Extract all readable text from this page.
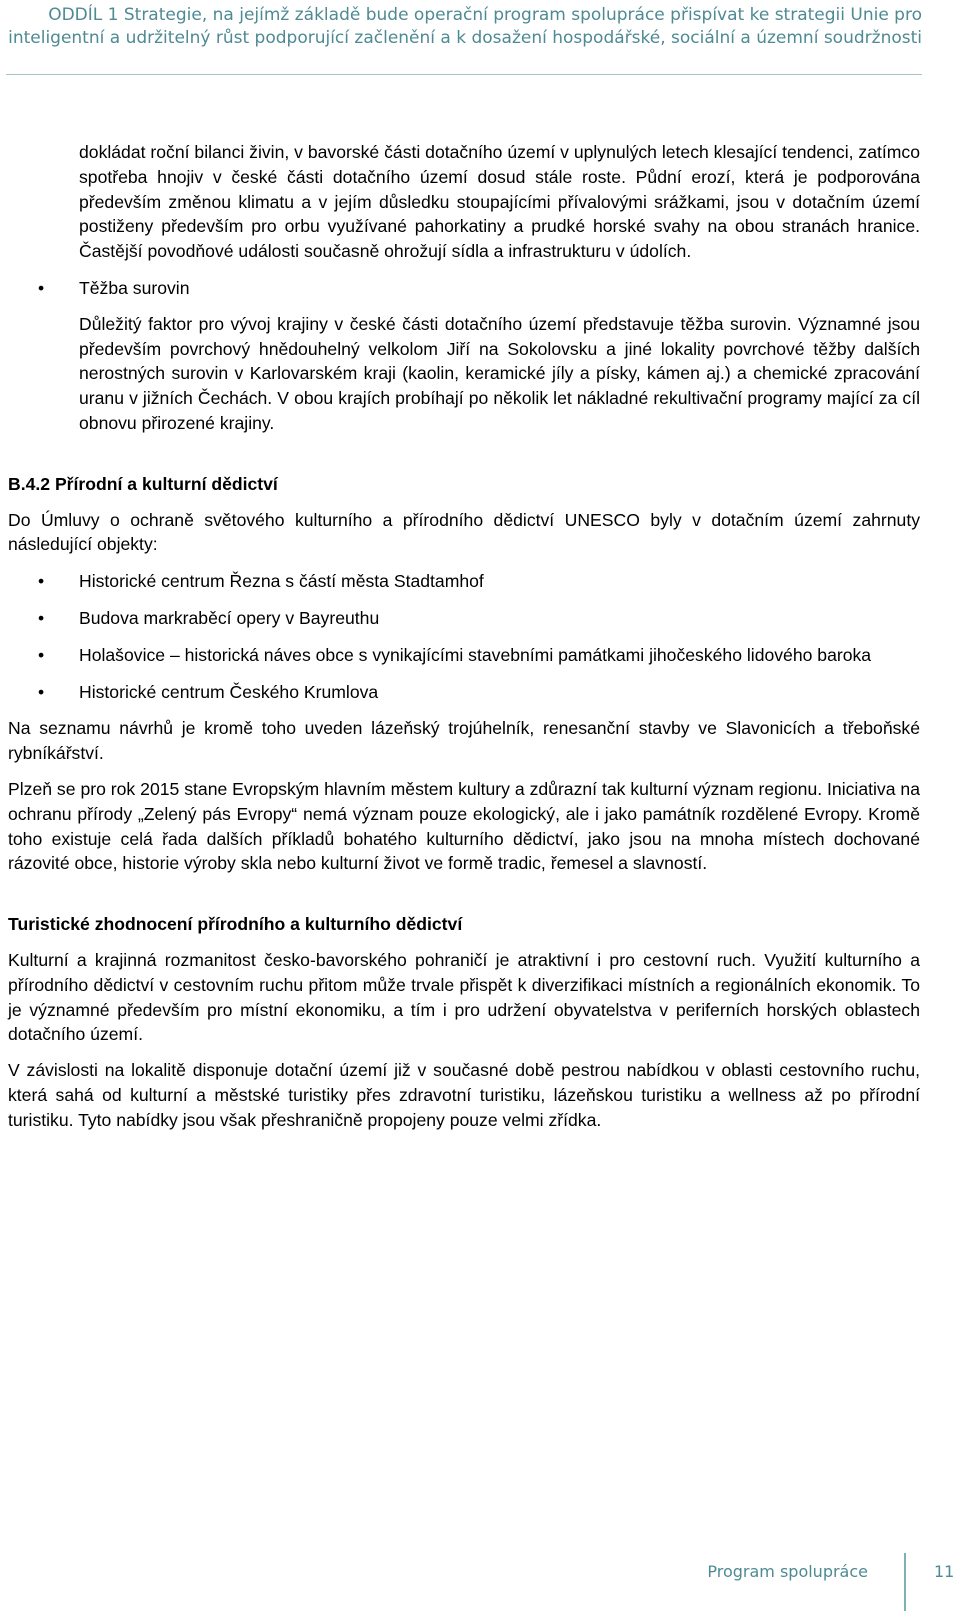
ODDÍL 1 Strategie, na jejímž základě bude operační program spolupráce přispívat ke strategii Unie pro inteligentní a udržitelný růst podporující začlenění a k dosažení hospodářské, sociální a územní soudržnosti

dokládat roční bilanci živin, v bavorské části dotačního území v uplynulých letech klesající tendenci, zatímco spotřeba hnojiv v české části dotačního území dosud stále roste. Půdní erozí, která je podporována především změnou klimatu a v jejím důsledku stoupajícími přívalovými srážkami, jsou v dotačním území postiženy především pro orbu využívané pahorkatiny a prudké horské svahy na obou stranách hranice. Častější povodňové události současně ohrožují sídla a infrastrukturu v údolích.

• Těžba surovin

Důležitý faktor pro vývoj krajiny v české části dotačního území představuje těžba surovin. Významné jsou především povrchový hnědouhelný velkolom Jiří na Sokolovsku a jiné lokality povrchové těžby dalších nerostných surovin v Karlovarském kraji (kaolin, keramické jíly a písky, kámen aj.) a chemické zpracování uranu v jižních Čechách. V obou krajích probíhají po několik let nákladné rekultivační programy mající za cíl obnovu přirozené krajiny.

B.4.2 Přírodní a kulturní dědictví

Do Úmluvy o ochraně světového kulturního a přírodního dědictví UNESCO byly v dotačním území zahrnuty následující objekty:

• Historické centrum Řezna s částí města Stadtamhof
• Budova markraběcí opery v Bayreuthu
• Holašovice – historická náves obce s vynikajícími stavebními památkami jihočeského lidového baroka
• Historické centrum Českého Krumlova

Na seznamu návrhů je kromě toho uveden lázeňský trojúhelník, renesanční stavby ve Slavonicích a třeboňské rybníkářství.

Plzeň se pro rok 2015 stane Evropským hlavním městem kultury a zdůrazní tak kulturní význam regionu. Iniciativa na ochranu přírody „Zelený pás Evropy“ nemá význam pouze ekologický, ale i jako památník rozdělené Evropy. Kromě toho existuje celá řada dalších příkladů bohatého kulturního dědictví, jako jsou na mnoha místech dochované rázovité obce, historie výroby skla nebo kulturní život ve formě tradic, řemesel a slavností.

Turistické zhodnocení přírodního a kulturního dědictví

Kulturní a krajinná rozmanitost česko-bavorského pohraničí je atraktivní i pro cestovní ruch. Využití kulturního a přírodního dědictví v cestovním ruchu přitom může trvale přispět k diverzifikaci místních a regionálních ekonomik. To je významné především pro místní ekonomiku, a tím i pro udržení obyvatelstva v periferních horských oblastech dotačního území.

V závislosti na lokalitě disponuje dotační území již v současné době pestrou nabídkou v oblasti cestovního ruchu, která sahá od kulturní a městské turistiky přes zdravotní turistiku, lázeňskou turistiku a wellness až po přírodní turistiku. Tyto nabídky jsou však přeshraničně propojeny pouze velmi zřídka.

Program spolupráce	11
